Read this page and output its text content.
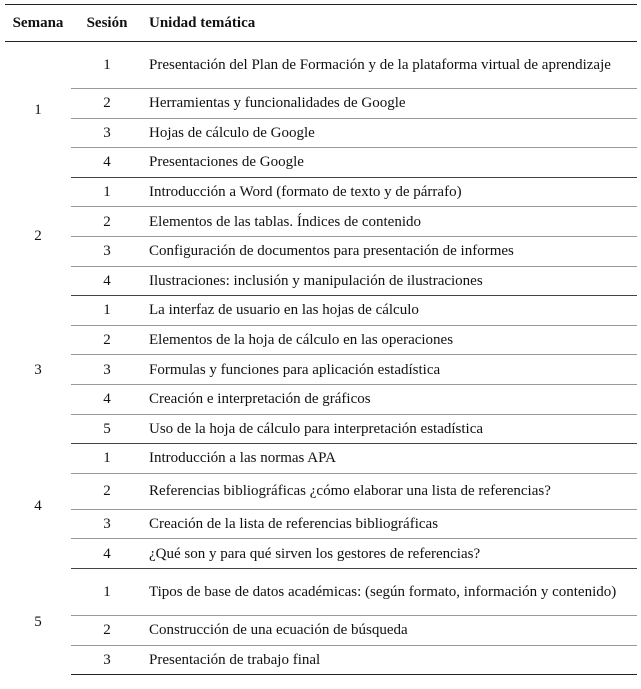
Semana	Sesión	Unidad temática
1	1	Presentación del Plan de Formación y de la plataforma virtual de aprendizaje
	2	Herramientas y funcionalidades de Google
	3	Hojas de cálculo de Google
	4	Presentaciones de Google
2	1	Introducción a Word (formato de texto y de párrafo)
	2	Elementos de las tablas. Índices de contenido
	3	Configuración de documentos para presentación de informes
	4	Ilustraciones: inclusión y manipulación de ilustraciones
3	1	La interfaz de usuario en las hojas de cálculo
	2	Elementos de la hoja de cálculo en las operaciones
	3	Formulas y funciones para aplicación estadística
	4	Creación e interpretación de gráficos
	5	Uso de la hoja de cálculo para interpretación estadística
4	1	Introducción a las normas APA
	2	Referencias bibliográficas ¿cómo elaborar una lista de referencias?
	3	Creación de la lista de referencias bibliográficas
	4	¿Qué son y para qué sirven los gestores de referencias?
5	1	Tipos de base de datos académicas: (según formato, información y contenido)
	2	Construcción de una ecuación de búsqueda
	3	Presentación de trabajo final
